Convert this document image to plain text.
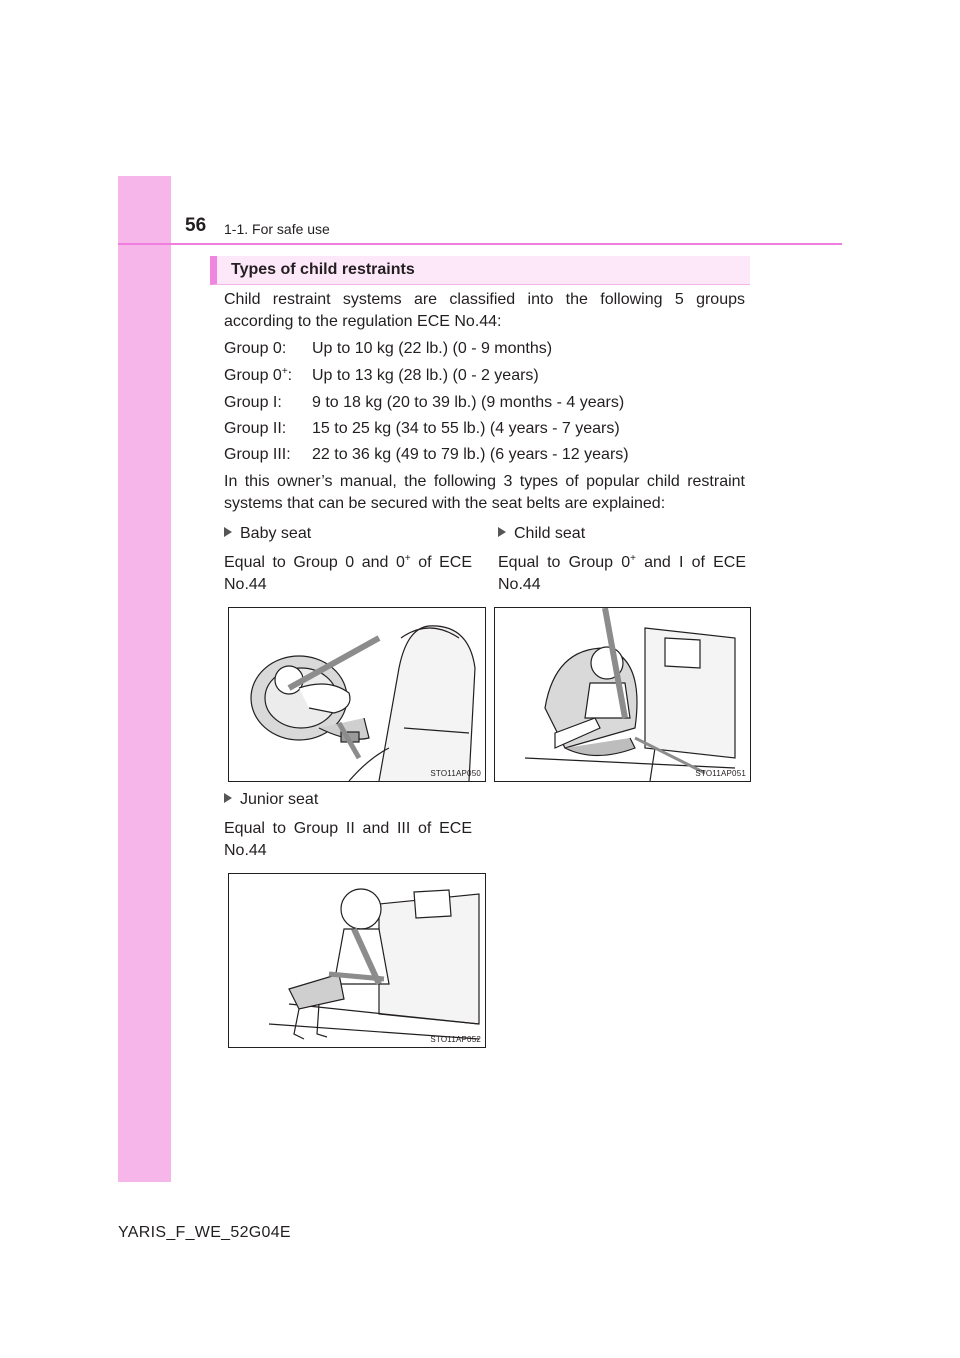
56 1-1. For safe use
Types of child restraints

Child restraint systems are classified into the following 5 groups

according to the regulation ECE No.44:

Group 0: Up to 10 kg (22 lb.) (0 - 9 months)
Group 0+: Up to 13 kg (28 lb.) (0 - 2 years)
Group I: 9 to 18 kg (20 to 39 lb.) (9 months - 4 years)
Group II: 15 to 25 kg (34 to 55 lb.) (4 years - 7 years)
Group III: 22 to 36 kg (49 to 79 lb.) (6 years - 12 years)

In this owner’s manual, the following 3 types of popular child restraint

systems that can be secured with the seat belts are explained:

Baby seat
Equal to Group 0 and 0+ of ECE
No.44
Child seat
Equal to Group 0+ and I of ECE
No.44
STO11AP050	STO11AP051
Junior seat
Equal to Group II and III of ECE
No.44
STO11AP052
YARIS_F_WE_52G04E
